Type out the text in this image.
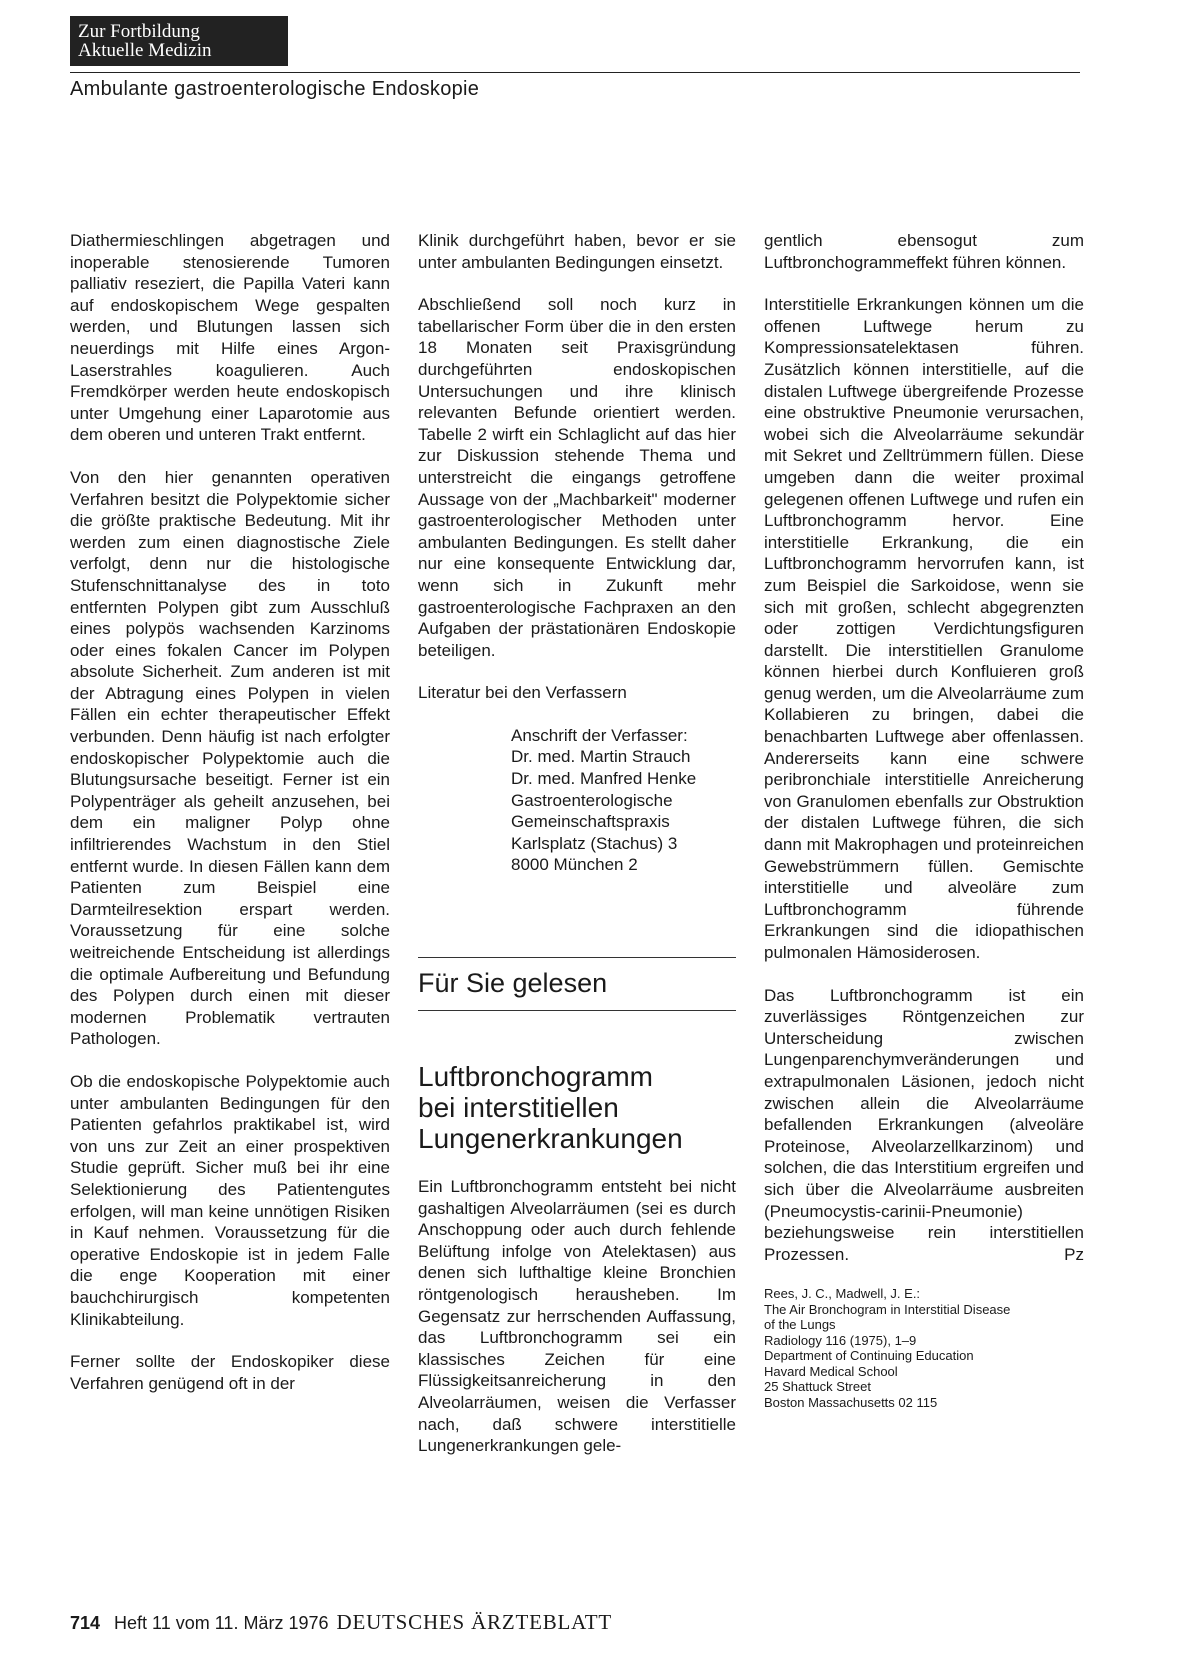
Zur Fortbildung
Aktuelle Medizin
Ambulante gastroenterologische Endoskopie

Diathermieschlingen abgetragen und inoperable stenosierende Tumoren palliativ reseziert, die Papilla Vateri kann auf endoskopischem Wege gespalten werden, und Blutungen lassen sich neuerdings mit Hilfe eines Argon-Laserstrahles koagulieren. Auch Fremdkörper werden heute endoskopisch unter Umgehung einer Laparotomie aus dem oberen und unteren Trakt entfernt.

Von den hier genannten operativen Verfahren besitzt die Polypektomie sicher die größte praktische Bedeutung. Mit ihr werden zum einen diagnostische Ziele verfolgt, denn nur die histologische Stufenschnittanalyse des in toto entfernten Polypen gibt zum Ausschluß eines polypös wachsenden Karzinoms oder eines fokalen Cancer im Polypen absolute Sicherheit. Zum anderen ist mit der Abtragung eines Polypen in vielen Fällen ein echter therapeutischer Effekt verbunden. Denn häufig ist nach erfolgter endoskopischer Polypektomie auch die Blutungsursache beseitigt. Ferner ist ein Polypenträger als geheilt anzusehen, bei dem ein maligner Polyp ohne infiltrierendes Wachstum in den Stiel entfernt wurde. In diesen Fällen kann dem Patienten zum Beispiel eine Darmteilresektion erspart werden. Voraussetzung für eine solche weitreichende Entscheidung ist allerdings die optimale Aufbereitung und Befundung des Polypen durch einen mit dieser modernen Problematik vertrauten Pathologen.

Ob die endoskopische Polypektomie auch unter ambulanten Bedingungen für den Patienten gefahrlos praktikabel ist, wird von uns zur Zeit an einer prospektiven Studie geprüft. Sicher muß bei ihr eine Selektionierung des Patientengutes erfolgen, will man keine unnötigen Risiken in Kauf nehmen. Voraussetzung für die operative Endoskopie ist in jedem Falle die enge Kooperation mit einer bauchchirurgisch kompetenten Klinikabteilung.

Ferner sollte der Endoskopiker diese Verfahren genügend oft in der

Klinik durchgeführt haben, bevor er sie unter ambulanten Bedingungen einsetzt.

Abschließend soll noch kurz in tabellarischer Form über die in den ersten 18 Monaten seit Praxisgründung durchgeführten endoskopischen Untersuchungen und ihre klinisch relevanten Befunde orientiert werden. Tabelle 2 wirft ein Schlaglicht auf das hier zur Diskussion stehende Thema und unterstreicht die eingangs getroffene Aussage von der „Machbarkeit" moderner gastroenterologischer Methoden unter ambulanten Bedingungen. Es stellt daher nur eine konsequente Entwicklung dar, wenn sich in Zukunft mehr gastroenterologische Fachpraxen an den Aufgaben der prästationären Endoskopie beteiligen.

Literatur bei den Verfassern

Anschrift der Verfasser:
Dr. med. Martin Strauch
Dr. med. Manfred Henke
Gastroenterologische
Gemeinschaftspraxis
Karlsplatz (Stachus) 3
8000 München 2
Für Sie gelesen
Luftbronchogramm
bei interstitiellen
Lungenerkrankungen

Ein Luftbronchogramm entsteht bei nicht gashaltigen Alveolarräumen (sei es durch Anschoppung oder auch durch fehlende Belüftung infolge von Atelektasen) aus denen sich lufthaltige kleine Bronchien röntgenologisch herausheben. Im Gegensatz zur herrschenden Auffassung, das Luftbronchogramm sei ein klassisches Zeichen für eine Flüssigkeitsanreicherung in den Alveolarräumen, weisen die Verfasser nach, daß schwere interstitielle Lungenerkrankungen gele-

gentlich ebensogut zum Luftbronchogrammeffekt führen können.

Interstitielle Erkrankungen können um die offenen Luftwege herum zu Kompressionsatelektasen führen. Zusätzlich können interstitielle, auf die distalen Luftwege übergreifende Prozesse eine obstruktive Pneumonie verursachen, wobei sich die Alveolarräume sekundär mit Sekret und Zelltrümmern füllen. Diese umgeben dann die weiter proximal gelegenen offenen Luftwege und rufen ein Luftbronchogramm hervor. Eine interstitielle Erkrankung, die ein Luftbronchogramm hervorrufen kann, ist zum Beispiel die Sarkoidose, wenn sie sich mit großen, schlecht abgegrenzten oder zottigen Verdichtungsfiguren darstellt. Die interstitiellen Granulome können hierbei durch Konfluieren groß genug werden, um die Alveolarräume zum Kollabieren zu bringen, dabei die benachbarten Luftwege aber offenlassen. Andererseits kann eine schwere peribronchiale interstitielle Anreicherung von Granulomen ebenfalls zur Obstruktion der distalen Luftwege führen, die sich dann mit Makrophagen und proteinreichen Gewebstrümmern füllen. Gemischte interstitielle und alveoläre zum Luftbronchogramm führende Erkrankungen sind die idiopathischen pulmonalen Hämosiderosen.

Das Luftbronchogramm ist ein zuverlässiges Röntgenzeichen zur Unterscheidung zwischen Lungenparenchymveränderungen und extrapulmonalen Läsionen, jedoch nicht zwischen allein die Alveolarräume befallenden Erkrankungen (alveoläre Proteinose, Alveolarzellkarzinom) und solchen, die das Interstitium ergreifen und sich über die Alveolarräume ausbreiten (Pneumocystis-carinii-Pneumonie) beziehungsweise rein interstitiellen Prozessen.	Pz

Rees, J. C., Madwell, J. E.:
The Air Bronchogram in Interstitial Disease
of the Lungs
Radiology 116 (1975), 1–9
Department of Continuing Education
Havard Medical School
25 Shattuck Street
Boston Massachusetts 02 115
714 Heft 11 vom 11. März 1976 DEUTSCHES ÄRZTEBLATT
